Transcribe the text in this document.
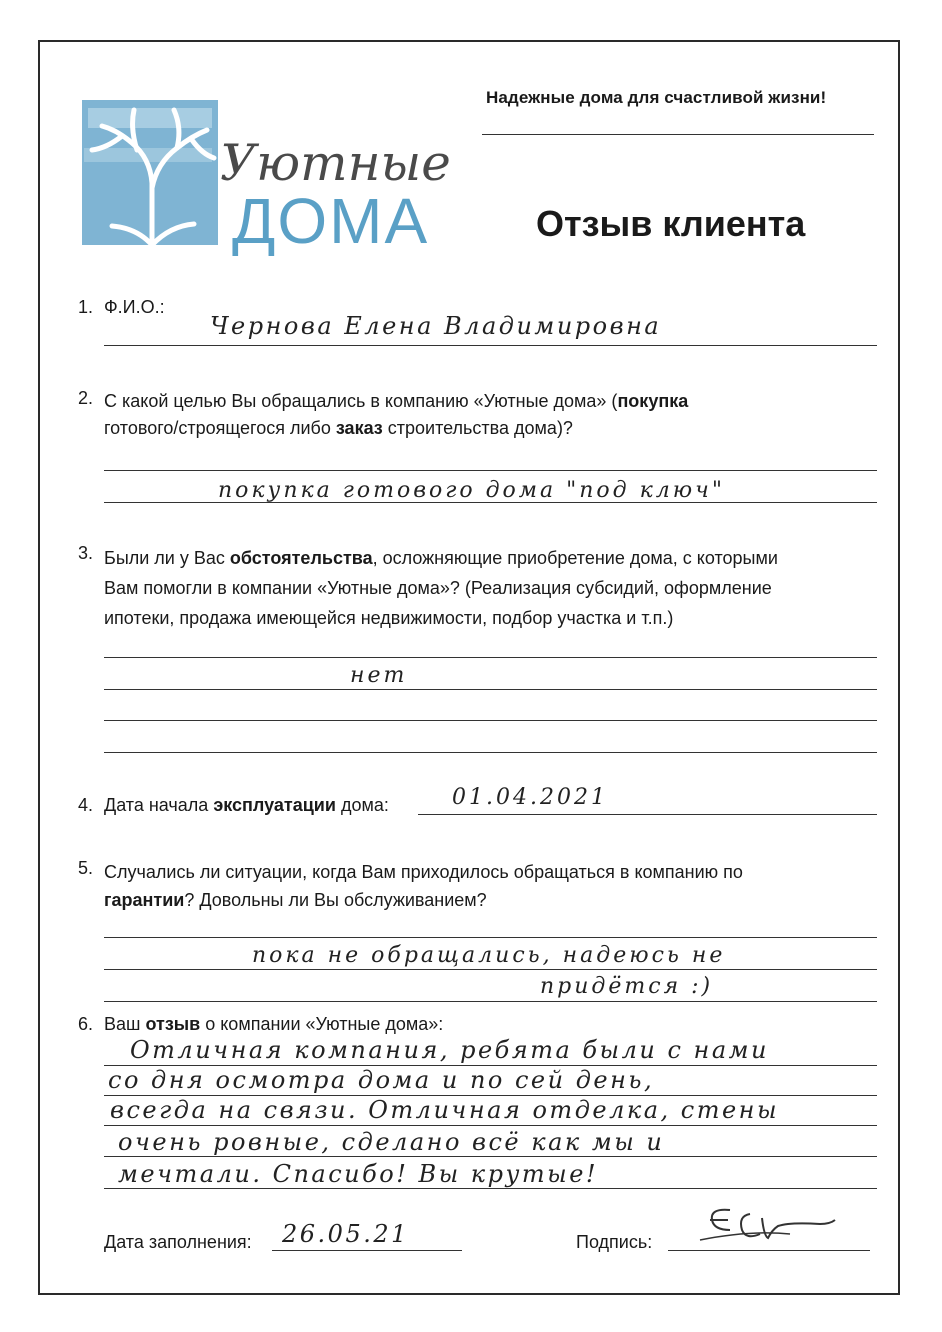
Уютные
ДОМА
Надежные дома для счастливой жизни!
Отзыв клиента
1. Ф.И.О.:
Чернова Елена Владимировна
2. С какой целью Вы обращались в компанию «Уютные дома» (покупка
готового/строящегося либо заказ строительства дома)?
покупка готового дома "под ключ"
3. Были ли у Вас обстоятельства, осложняющие приобретение дома, с которыми
Вам помогли в компании «Уютные дома»? (Реализация субсидий, оформление
ипотеки, продажа имеющейся недвижимости, подбор участка и т.п.)
нет
4. Дата начала эксплуатации дома:	01.04.2021
5. Случались ли ситуации, когда Вам приходилось обращаться в компанию по
гарантии? Довольны ли Вы обслуживанием?
пока не обращались, надеюсь не
придётся :)
6. Ваш отзыв о компании «Уютные дома»:
Отличная компания, ребята были с нами
со дня осмотра дома и по сей день,
всегда на связи. Отличная отделка, стены
очень ровные, сделано всё как мы и
мечтали. Спасибо! Вы крутые!
Дата заполнения: 26.05.21	Подпись:
